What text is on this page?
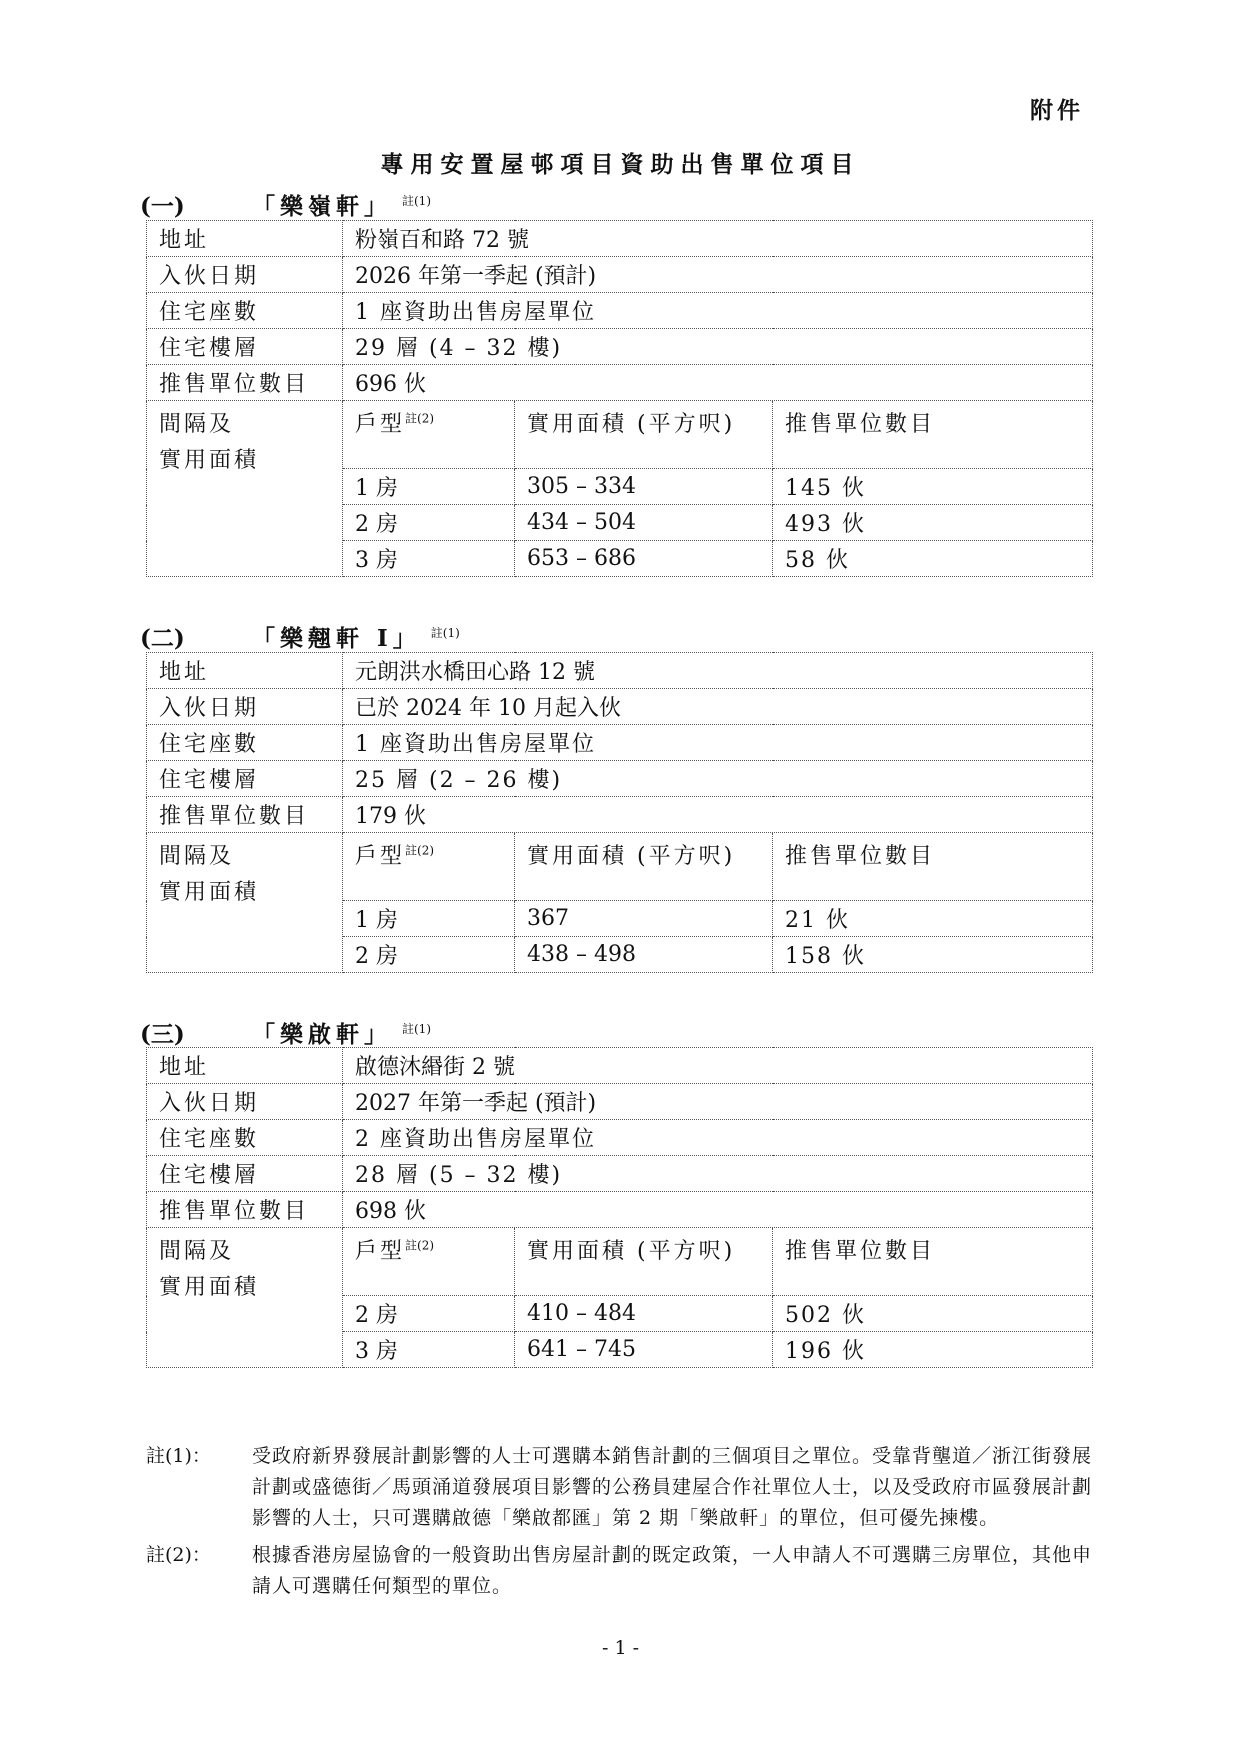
附件
專用安置屋邨項目資助出售單位項目
(一)	「樂嶺軒」 $^{註(1)}$
地址	粉嶺百和路 72 號		
入伙日期	2026 年第一季起 (預計)		
住宅座數	1 座資助出售房屋單位		
住宅樓層	29 層 (4 – 32 樓)		
推售單位數目	696 伙		
間隔及
實用面積	戶型$^{註(2)}$	實用面積 (平方呎)	推售單位數目
	1 房	305 – 334	145 伙
	2 房	434 – 504	493 伙
	3 房	653 – 686	58 伙
(二)	「樂翹軒 I」 $^{註(1)}$
地址	元朗洪水橋田心路 12 號		
入伙日期	已於 2024 年 10 月起入伙		
住宅座數	1 座資助出售房屋單位		
住宅樓層	25 層 (2 – 26 樓)		
推售單位數目	179 伙		
間隔及
實用面積	戶型$^{註(2)}$	實用面積 (平方呎)	推售單位數目
	1 房	367	21 伙
	2 房	438 – 498	158 伙
(三)	「樂啟軒」 $^{註(1)}$
地址	啟德沐緡街 2 號		
入伙日期	2027 年第一季起 (預計)		
住宅座數	2 座資助出售房屋單位		
住宅樓層	28 層 (5 – 32 樓)		
推售單位數目	698 伙		
間隔及
實用面積	戶型$^{註(2)}$	實用面積 (平方呎)	推售單位數目
	2 房	410 – 484	502 伙
	3 房	641 – 745	196 伙
註(1)：	受政府新界發展計劃影響的人士可選購本銷售計劃的三個項目之單位。受靠背壟道／浙江街發展計劃或盛德街／馬頭涌道發展項目影響的公務員建屋合作社單位人士，以及受政府市區發展計劃影響的人士，只可選購啟德「樂啟都匯」第 2 期「樂啟軒」的單位，但可優先揀樓。
註(2)：	根據香港房屋協會的一般資助出售房屋計劃的既定政策，一人申請人不可選購三房單位，其他申請人可選購任何類型的單位。
- 1 -
